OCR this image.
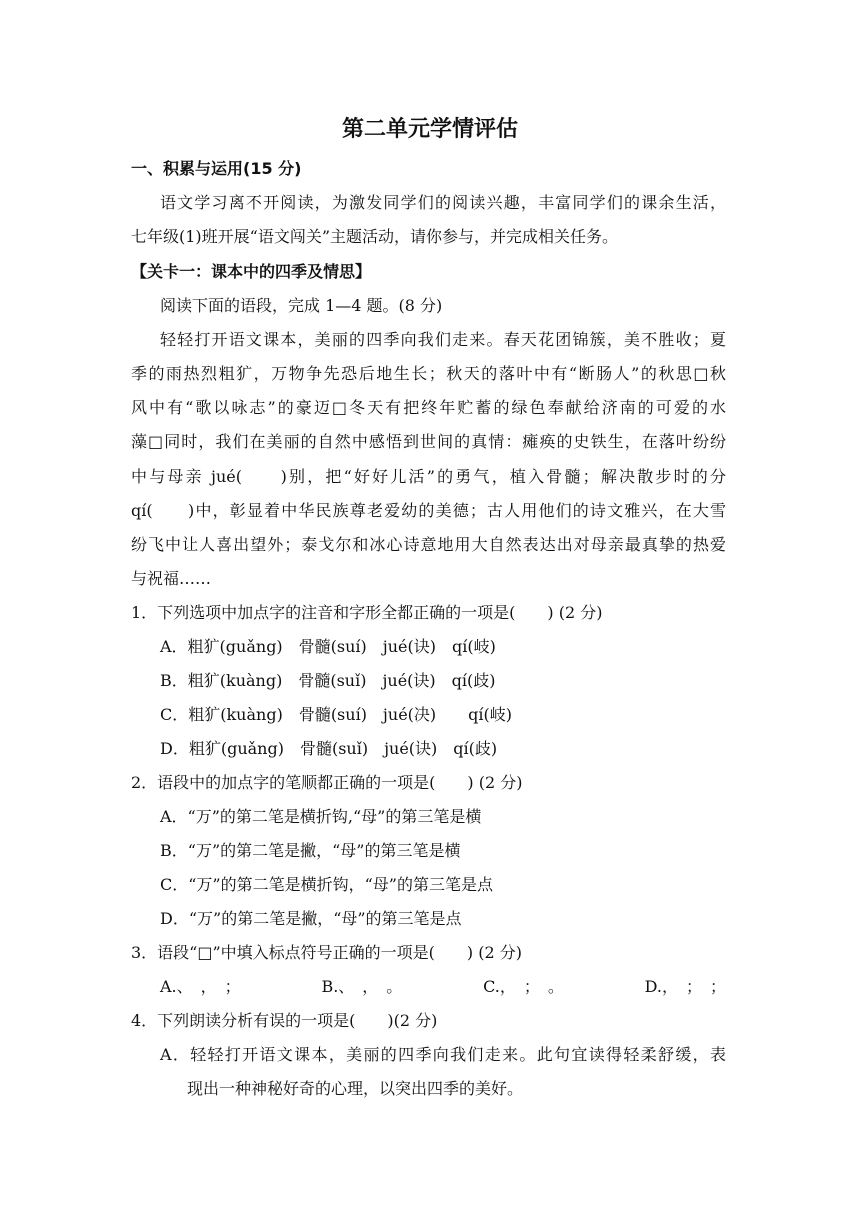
第二单元学情评估
一、积累与运用(15 分)
语文学习离不开阅读，为激发同学们的阅读兴趣，丰富同学们的课余生活，
七年级(1)班开展“语文闯关”主题活动，请你参与，并完成相关任务。
【关卡一：课本中的四季及情思】
阅读下面的语段，完成 1—4 题。(8 分)
轻轻打开语文课本，美丽的四季向我们走来。春天花团锦簇，美不胜收；夏
季的雨热烈粗犷，万物争先恐后地生长；秋天的落叶中有“断肠人”的秋思□秋
风中有“歌以咏志”的豪迈□冬天有把终年贮蓄的绿色奉献给济南的可爱的水
藻□同时，我们在美丽的自然中感悟到世间的真情：瘫痪的史铁生，在落叶纷纷
中与母亲 jué(　　)别，把“好好儿活”的勇气，植入骨髓；解决散步时的分
qí(　　)中，彰显着中华民族尊老爱幼的美德；古人用他们的诗文雅兴，在大雪
纷飞中让人喜出望外；泰戈尔和冰心诗意地用大自然表达出对母亲最真挚的热爱
与祝福……
1．下列选项中加点字的注音和字形全都正确的一项是(　　) (2 分)
A．粗犷(guǎng)　骨髓(suí)　jué(诀)　qí(岐)
B．粗犷(kuàng)　骨髓(suǐ)　jué(诀)　qí(歧)
C．粗犷(kuàng)　骨髓(suí)　jué(决)　　qí(岐)
D．粗犷(guǎng)　骨髓(suǐ)　jué(诀)　qí(歧)
2．语段中的加点字的笔顺都正确的一项是(　　) (2 分)
A．“万”的第二笔是横折钩,“母”的第三笔是横
B．“万”的第二笔是撇，“母”的第三笔是横
C．“万”的第二笔是横折钩，“母”的第三笔是点
D．“万”的第二笔是撇，“母”的第三笔是点
3．语段“□”中填入标点符号正确的一项是(　　) (2 分)
A.、　，　；	B.、　，　。	C.，　；　。	D.，　；　；
4．下列朗读分析有误的一项是(　　)(2 分)
A．轻轻打开语文课本，美丽的四季向我们走来。此句宜读得轻柔舒缓，表
现出一种神秘好奇的心理，以突出四季的美好。
